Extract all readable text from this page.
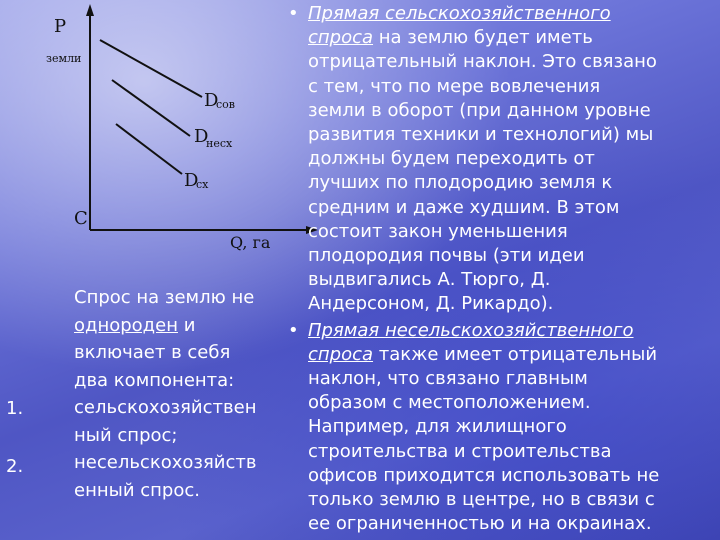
P
земли
C
Q, га
D
сов
D
несх
D
сх
1.
2.
Спрос на землю не
однороден и
включает в себя
два компонента:
сельскохозяйствен
ный спрос;
несельскохозяйств
енный спрос.
• Прямая сельскохозяйственного
спроса на землю будет иметь
отрицательный наклон. Это связано
с тем, что по мере вовлечения
земли в оборот (при данном уровне
развития техники и технологий) мы
должны будем переходить от
лучших по плодородию земля к
средним и даже худшим. В этом
состоит закон уменьшения
плодородия почвы (эти идеи
выдвигались А. Тюрго, Д.
Андерсоном, Д. Рикардо).
• Прямая несельскохозяйственного
спроса также имеет отрицательный
наклон, что связано главным
образом с местоположением.
Например, для жилищного
строительства и строительства
офисов приходится использовать не
только землю в центре, но в связи с
ее ограниченностью и на окраинах.
